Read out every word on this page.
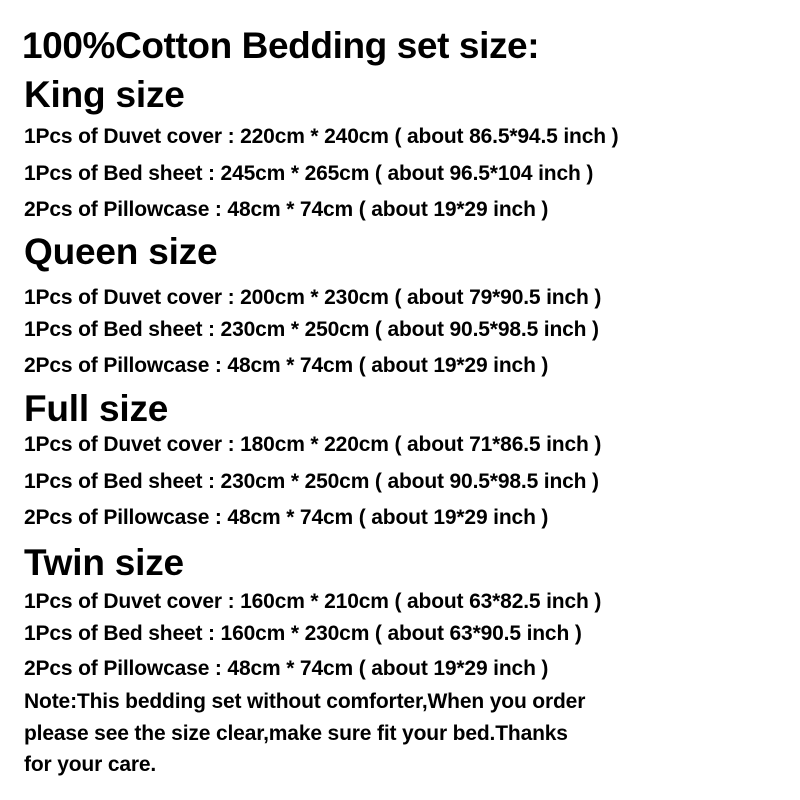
100%Cotton Bedding set size:
King size
1Pcs of Duvet cover : 220cm * 240cm ( about 86.5*94.5 inch )
1Pcs of Bed sheet : 245cm * 265cm ( about 96.5*104 inch )
2Pcs of Pillowcase : 48cm * 74cm ( about 19*29 inch )
Queen size
1Pcs of Duvet cover : 200cm * 230cm ( about 79*90.5 inch )
1Pcs of Bed sheet : 230cm * 250cm ( about 90.5*98.5 inch )
2Pcs of Pillowcase : 48cm * 74cm ( about 19*29 inch )
Full size
1Pcs of Duvet cover : 180cm * 220cm ( about 71*86.5 inch )
1Pcs of Bed sheet : 230cm * 250cm ( about 90.5*98.5 inch )
2Pcs of Pillowcase : 48cm * 74cm ( about 19*29 inch )
Twin size
1Pcs of Duvet cover : 160cm * 210cm ( about 63*82.5 inch )
1Pcs of Bed sheet : 160cm * 230cm ( about 63*90.5 inch )
2Pcs of Pillowcase : 48cm * 74cm ( about 19*29 inch )
Note:This bedding set without comforter,When you order
please see the size clear,make sure fit your bed.Thanks
for your care.
